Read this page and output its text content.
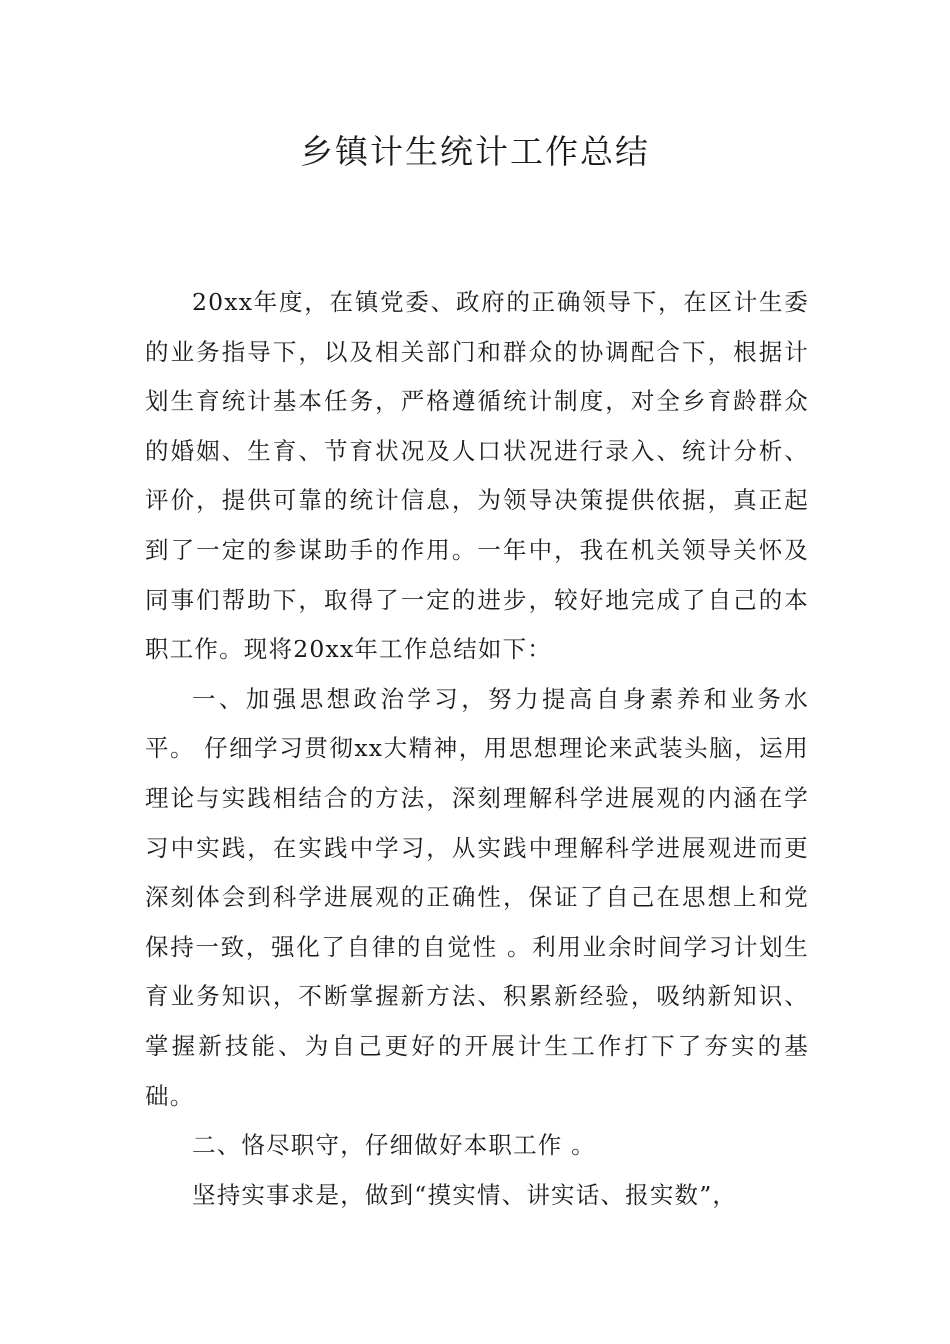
乡镇计生统计工作总结

20xx年度，在镇党委、政府的正确领导下，在区计生委的业务指导下，以及相关部门和群众的协调配合下，根据计划生育统计基本任务，严格遵循统计制度，对全乡育龄群众的婚姻、生育、节育状况及人口状况进行录入、统计分析、评价，提供可靠的统计信息，为领导决策提供依据，真正起到了一定的参谋助手的作用。一年中，我在机关领导关怀及同事们帮助下，取得了一定的进步，较好地完成了自己的本职工作。现将20xx年工作总结如下：

一、加强思想政治学习，努力提高自身素养和业务水平。 仔细学习贯彻xx大精神，用思想理论来武装头脑，运用理论与实践相结合的方法，深刻理解科学进展观的内涵在学习中实践，在实践中学习，从实践中理解科学进展观进而更深刻体会到科学进展观的正确性，保证了自己在思想上和党保持一致，强化了自律的自觉性 。利用业余时间学习计划生育业务知识，不断掌握新方法、积累新经验，吸纳新知识、掌握新技能、为自己更好的开展计生工作打下了夯实的基础。

二、恪尽职守，仔细做好本职工作 。

坚持实事求是，做到“摸实情、讲实话、报实数”，
